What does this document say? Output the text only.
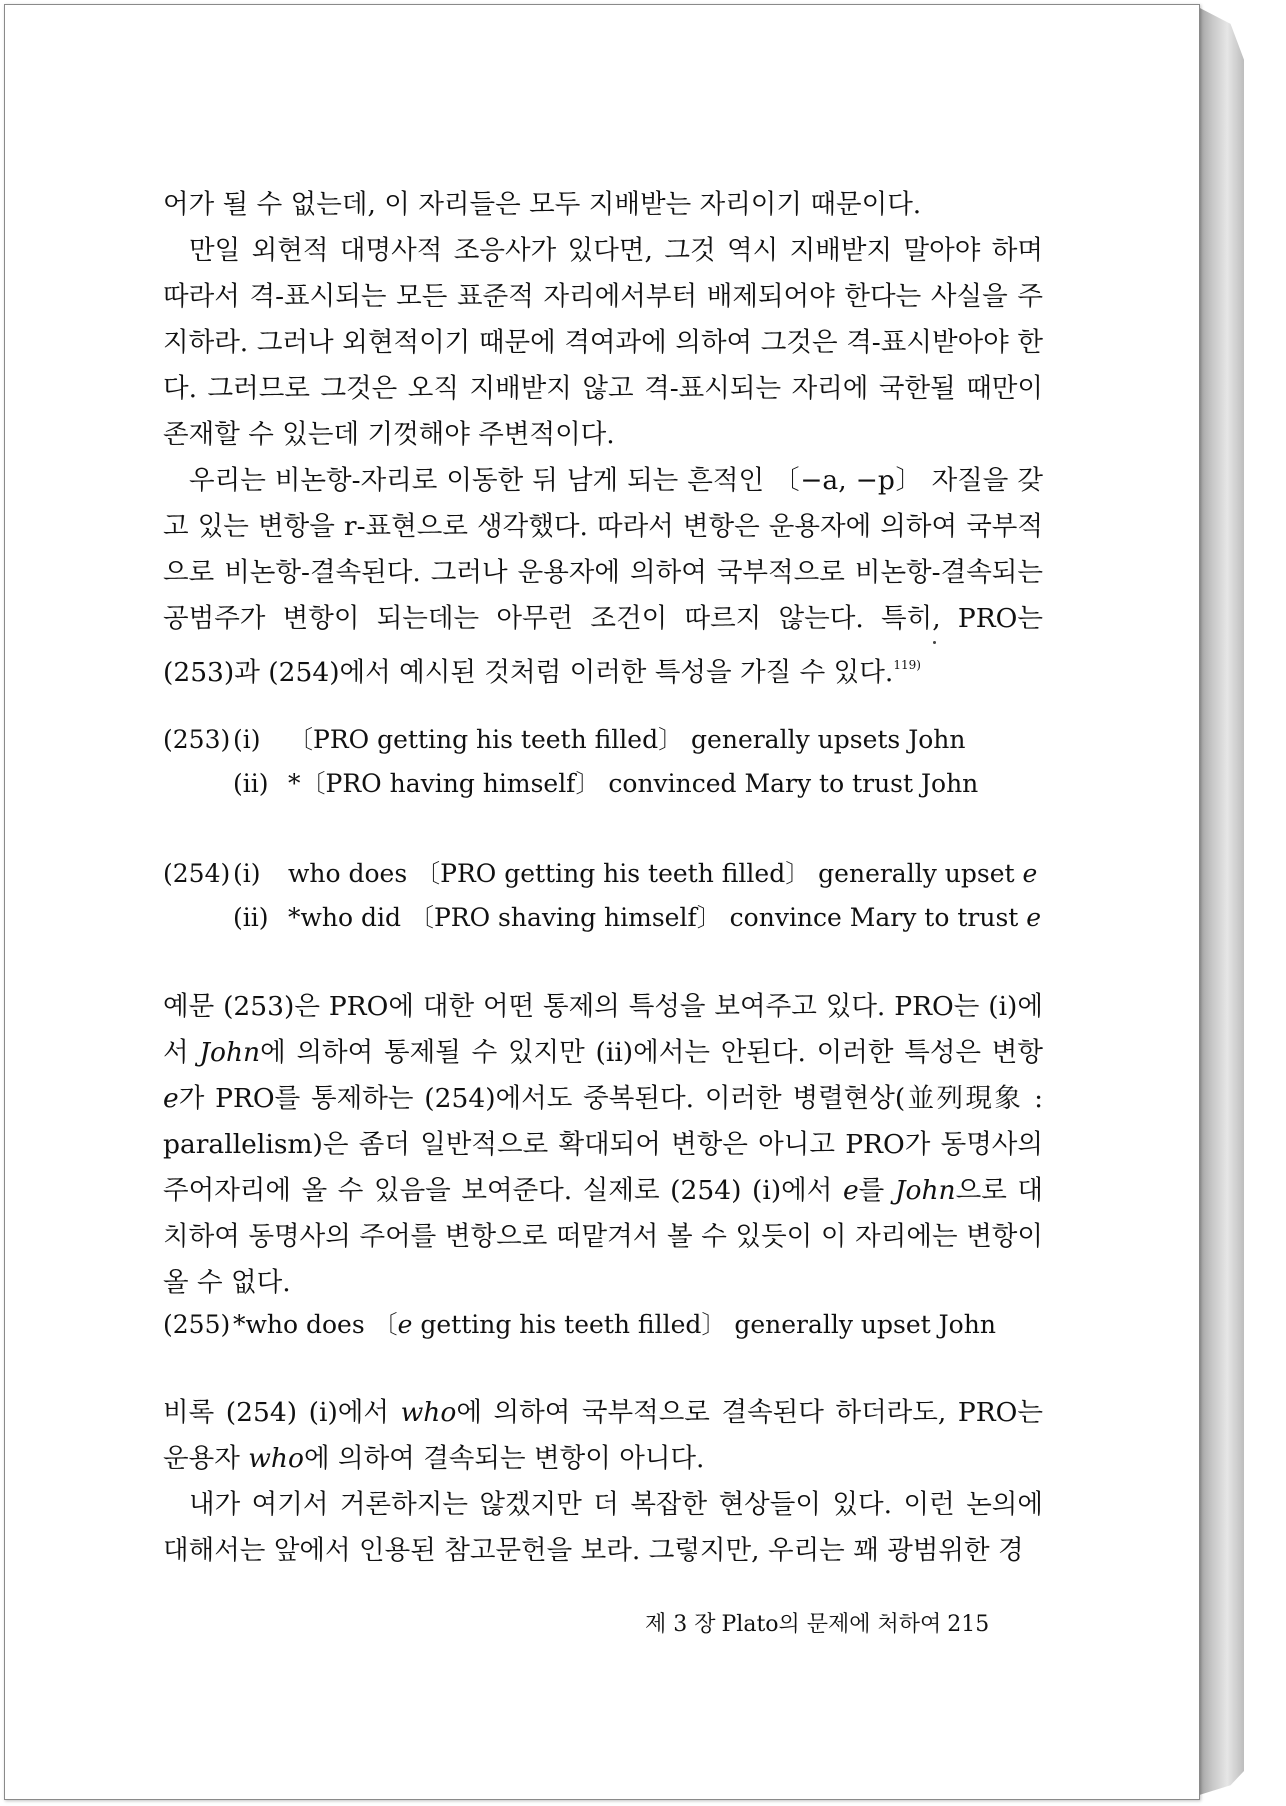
어가 될 수 없는데, 이 자리들은 모두 지배받는 자리이기 때문이다.

만일 외현적 대명사적 조응사가 있다면, 그것 역시 지배받지 말아야 하며 따라서 격-표시되는 모든 표준적 자리에서부터 배제되어야 한다는 사실을 주지하라. 그러나 외현적이기 때문에 격여과에 의하여 그것은 격-표시받아야 한다. 그러므로 그것은 오직 지배받지 않고 격-표시되는 자리에 국한될 때만이 존재할 수 있는데 기껏해야 주변적이다.

우리는 비논항-자리로 이동한 뒤 남게 되는 흔적인 〔−a, −p〕 자질을 갖고 있는 변항을 r-표현으로 생각했다. 따라서 변항은 운용자에 의하여 국부적으로 비논항-결속된다. 그러나 운용자에 의하여 국부적으로 비논항-결속되는 공범주가 변항이 되는데는 아무런 조건이 따르지 않는다. 특히, PRO는 (253)과 (254)에서 예시된 것처럼 이러한 특성을 가질 수 있다.$^{119)}$

(253) (i) 〔PRO getting his teeth filled〕 generally upsets John
(ii) *〔PRO having himself〕 convinced Mary to trust John
(254) (i) who does 〔PRO getting his teeth filled〕 generally upset e
(ii) *who did 〔PRO shaving himself〕 convince Mary to trust e

예문 (253)은 PRO에 대한 어떤 통제의 특성을 보여주고 있다. PRO는 (i)에서 John에 의하여 통제될 수 있지만 (ii)에서는 안된다. 이러한 특성은 변항 e가 PRO를 통제하는 (254)에서도 중복된다. 이러한 병렬현상(並列現象 : parallelism)은 좀더 일반적으로 확대되어 변항은 아니고 PRO가 동명사의 주어자리에 올 수 있음을 보여준다. 실제로 (254) (i)에서 e를 John으로 대치하여 동명사의 주어를 변항으로 떠맡겨서 볼 수 있듯이 이 자리에는 변항이 올 수 없다.

(255) *who does 〔e getting his teeth filled〕 generally upset John

비록 (254) (i)에서 who에 의하여 국부적으로 결속된다 하더라도, PRO는 운용자 who에 의하여 결속되는 변항이 아니다.

내가 여기서 거론하지는 않겠지만 더 복잡한 현상들이 있다. 이런 논의에 대해서는 앞에서 인용된 참고문헌을 보라. 그렇지만, 우리는 꽤 광범위한 경

제 3 장 Plato의 문제에 처하여 215
